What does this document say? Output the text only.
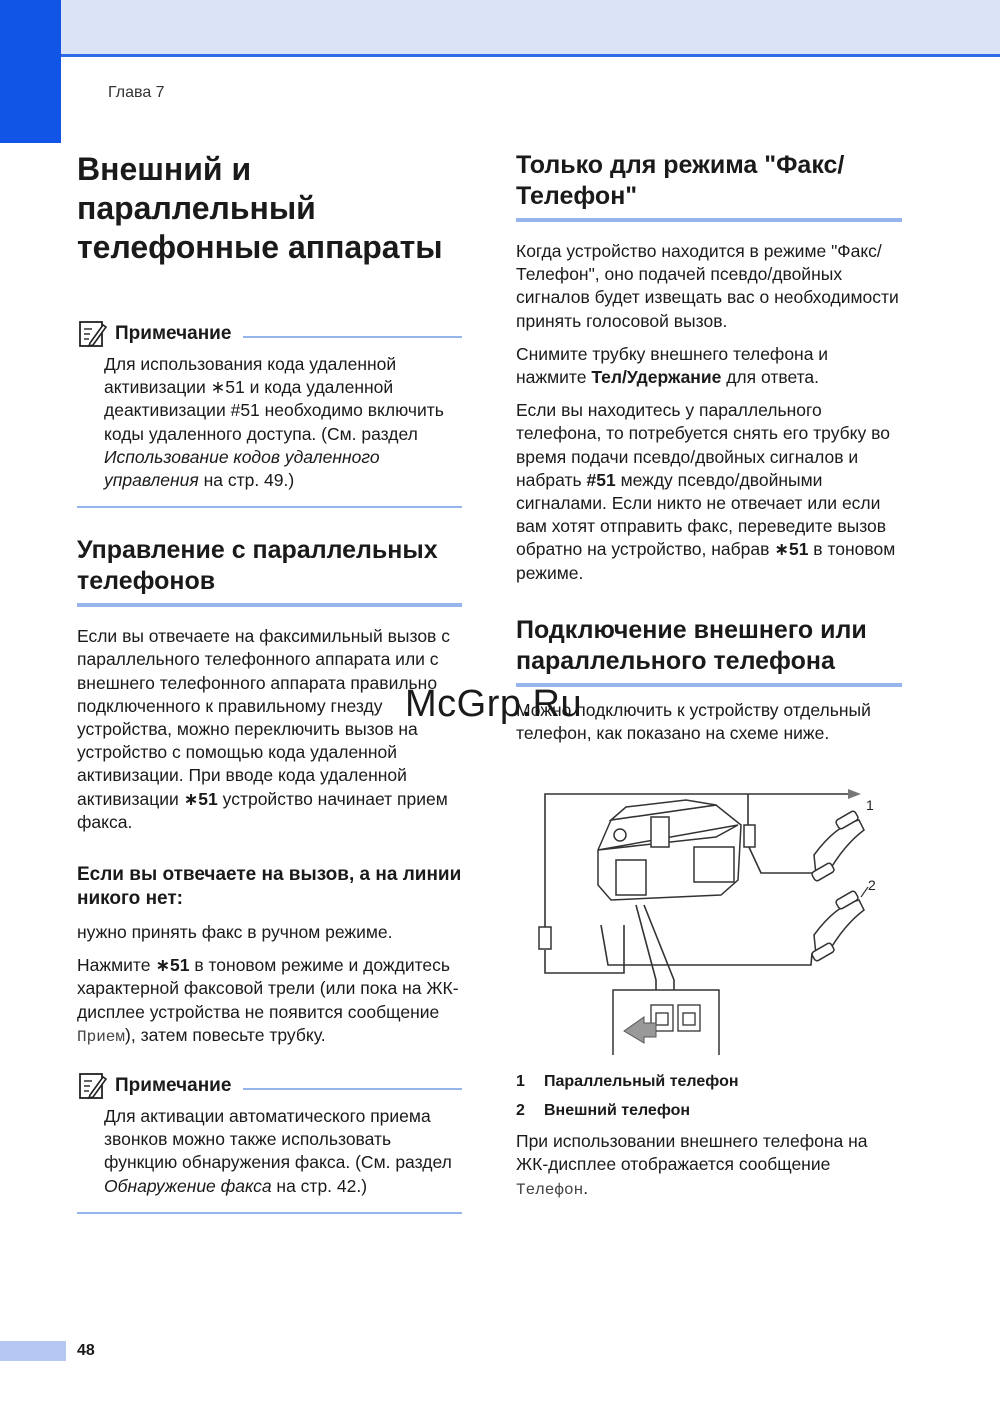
Глава 7
Внешний и параллельный телефонные аппараты
Примечание

Для использования кода удаленной активизации ∗51 и кода удаленной деактивизации #51 необходимо включить коды удаленного доступа. (См. раздел Использование кодов удаленного управления на стр. 49.)

Управление с параллельных телефонов

Если вы отвечаете на факсимильный вызов с параллельного телефонного аппарата или с внешнего телефонного аппарата правильно подключенного к правильному гнезду устройства, можно переключить вызов на устройство с помощью кода удаленной активизации. При вводе кода удаленной активизации ∗51 устройство начинает прием факса.

Если вы отвечаете на вызов, а на линии никого нет:

нужно принять факс в ручном режиме.

Нажмите ∗51 в тоновом режиме и дождитесь характерной факсовой трели (или пока на ЖК-дисплее устройства не появится сообщение Прием), затем повесьте трубку.

Примечание

Для активации автоматического приема звонков можно также использовать функцию обнаружения факса. (См. раздел Обнаружение факса на стр. 42.)

Только для режима "Факс/Телефон"

Когда устройство находится в режиме "Факс/Телефон", оно подачей псевдо/двойных сигналов будет извещать вас о необходимости принять голосовой вызов.

Снимите трубку внешнего телефона и нажмите Тел/Удержание для ответа.

Если вы находитесь у параллельного телефона, то потребуется снять его трубку во время подачи псевдо/двойных сигналов и набрать #51 между псевдо/двойными сигналами. Если никто не отвечает или если вам хотят отправить факс, переведите вызов обратно на устройство, набрав ∗51 в тоновом режиме.

Подключение внешнего или параллельного телефона

Можно подключить к устройству отдельный телефон, как показано на схеме ниже.

1
2
1	Параллельный телефон
2	Внешний телефон

При использовании внешнего телефона на ЖК-дисплее отображается сообщение Телефон.

McGrp.Ru
48
